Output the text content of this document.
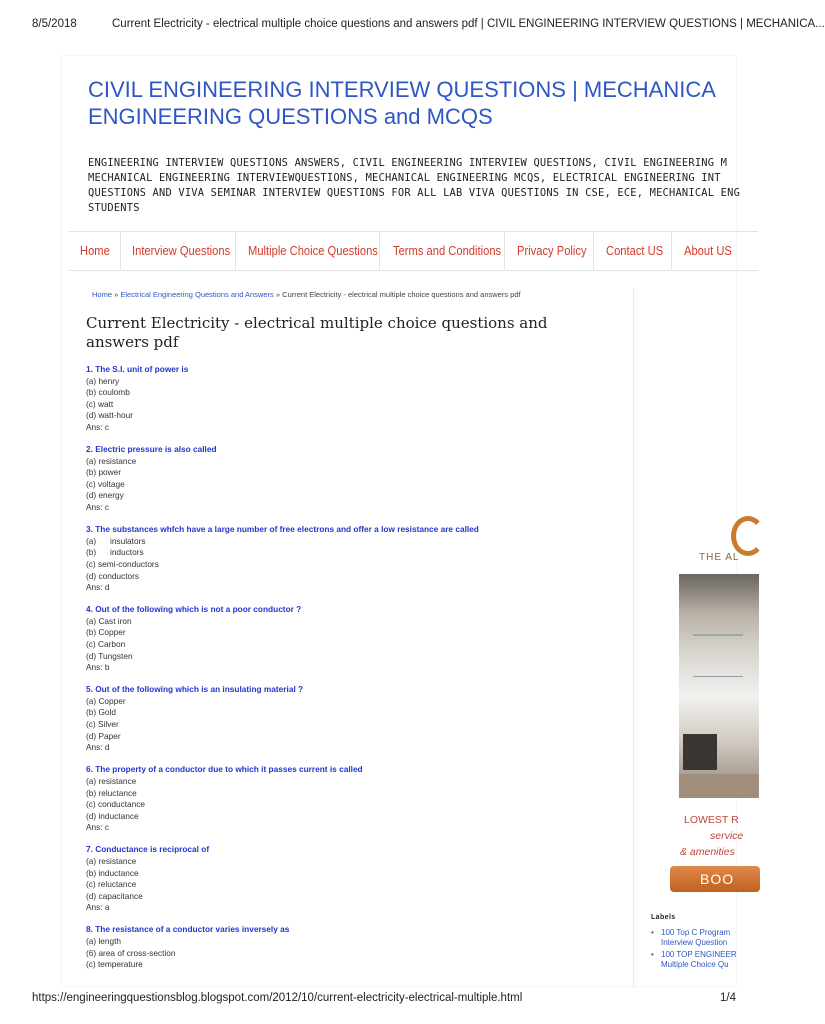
8/5/2018	Current Electricity - electrical multiple choice questions and answers pdf | CIVIL ENGINEERING INTERVIEW QUESTIONS | MECHANICA...
CIVIL ENGINEERING INTERVIEW QUESTIONS | MECHANICA
ENGINEERING QUESTIONS and MCQS
ENGINEERING INTERVIEW QUESTIONS ANSWERS, CIVIL ENGINEERING INTERVIEW QUESTIONS, CIVIL ENGINEERING M
MECHANICAL ENGINEERING INTERVIEWQUESTIONS, MECHANICAL ENGINEERING MCQS, ELECTRICAL ENGINEERING INT
QUESTIONS AND VIVA SEMINAR INTERVIEW QUESTIONS FOR ALL LAB VIVA QUESTIONS IN CSE, ECE, MECHANICAL ENG
STUDENTS
Home Interview Questions Multiple Choice Questions Terms and Conditions Privacy Policy Contact US About US
Home » Electrical Engineering Questions and Answers » Current Electricity - electrical multiple choice questions and answers pdf
Current Electricity - electrical multiple choice questions and
answers pdf
1. The S.I. unit of power is
(a) henry
(b) coulomb
(c) watt
(d) watt-hour
Ans: c
2. Electric pressure is also called
(a) resistance
(b) power
(c) voltage
(d) energy
Ans: c
3. The substances whfch have a large number of free electrons and offer a low resistance are called
(a)      insulators
(b)      inductors
(c) semi-conductors
(d) conductors
Ans: d
4. Out of the following which is not a poor conductor ?
(a) Cast iron
(b) Copper
(c) Carbon
(d) Tungsten
Ans: b
5. Out of the following which is an insulating material ?
(a) Copper
(b) Gold
(c) Silver
(d) Paper
Ans: d
6. The property of a conductor due to which it passes current is called
(a) resistance
(b) reluctance
(c) conductance
(d) inductance
Ans: c
7. Conductance is reciprocal of
(a) resistance
(b) inductance
(c) reluctance
(d) capacitance
Ans: a
8. The resistance of a conductor varies inversely as
(a) length
(6) area of cross-section
(c) temperature
THE AL
LOWEST R
service
& amenities
BOO
Labels
• 100 Top C Program
Interview Question
• 100 TOP ENGINEER
Multiple Choice Qu
https://engineeringquestionsblog.blogspot.com/2012/10/current-electricity-electrical-multiple.html	1/4
